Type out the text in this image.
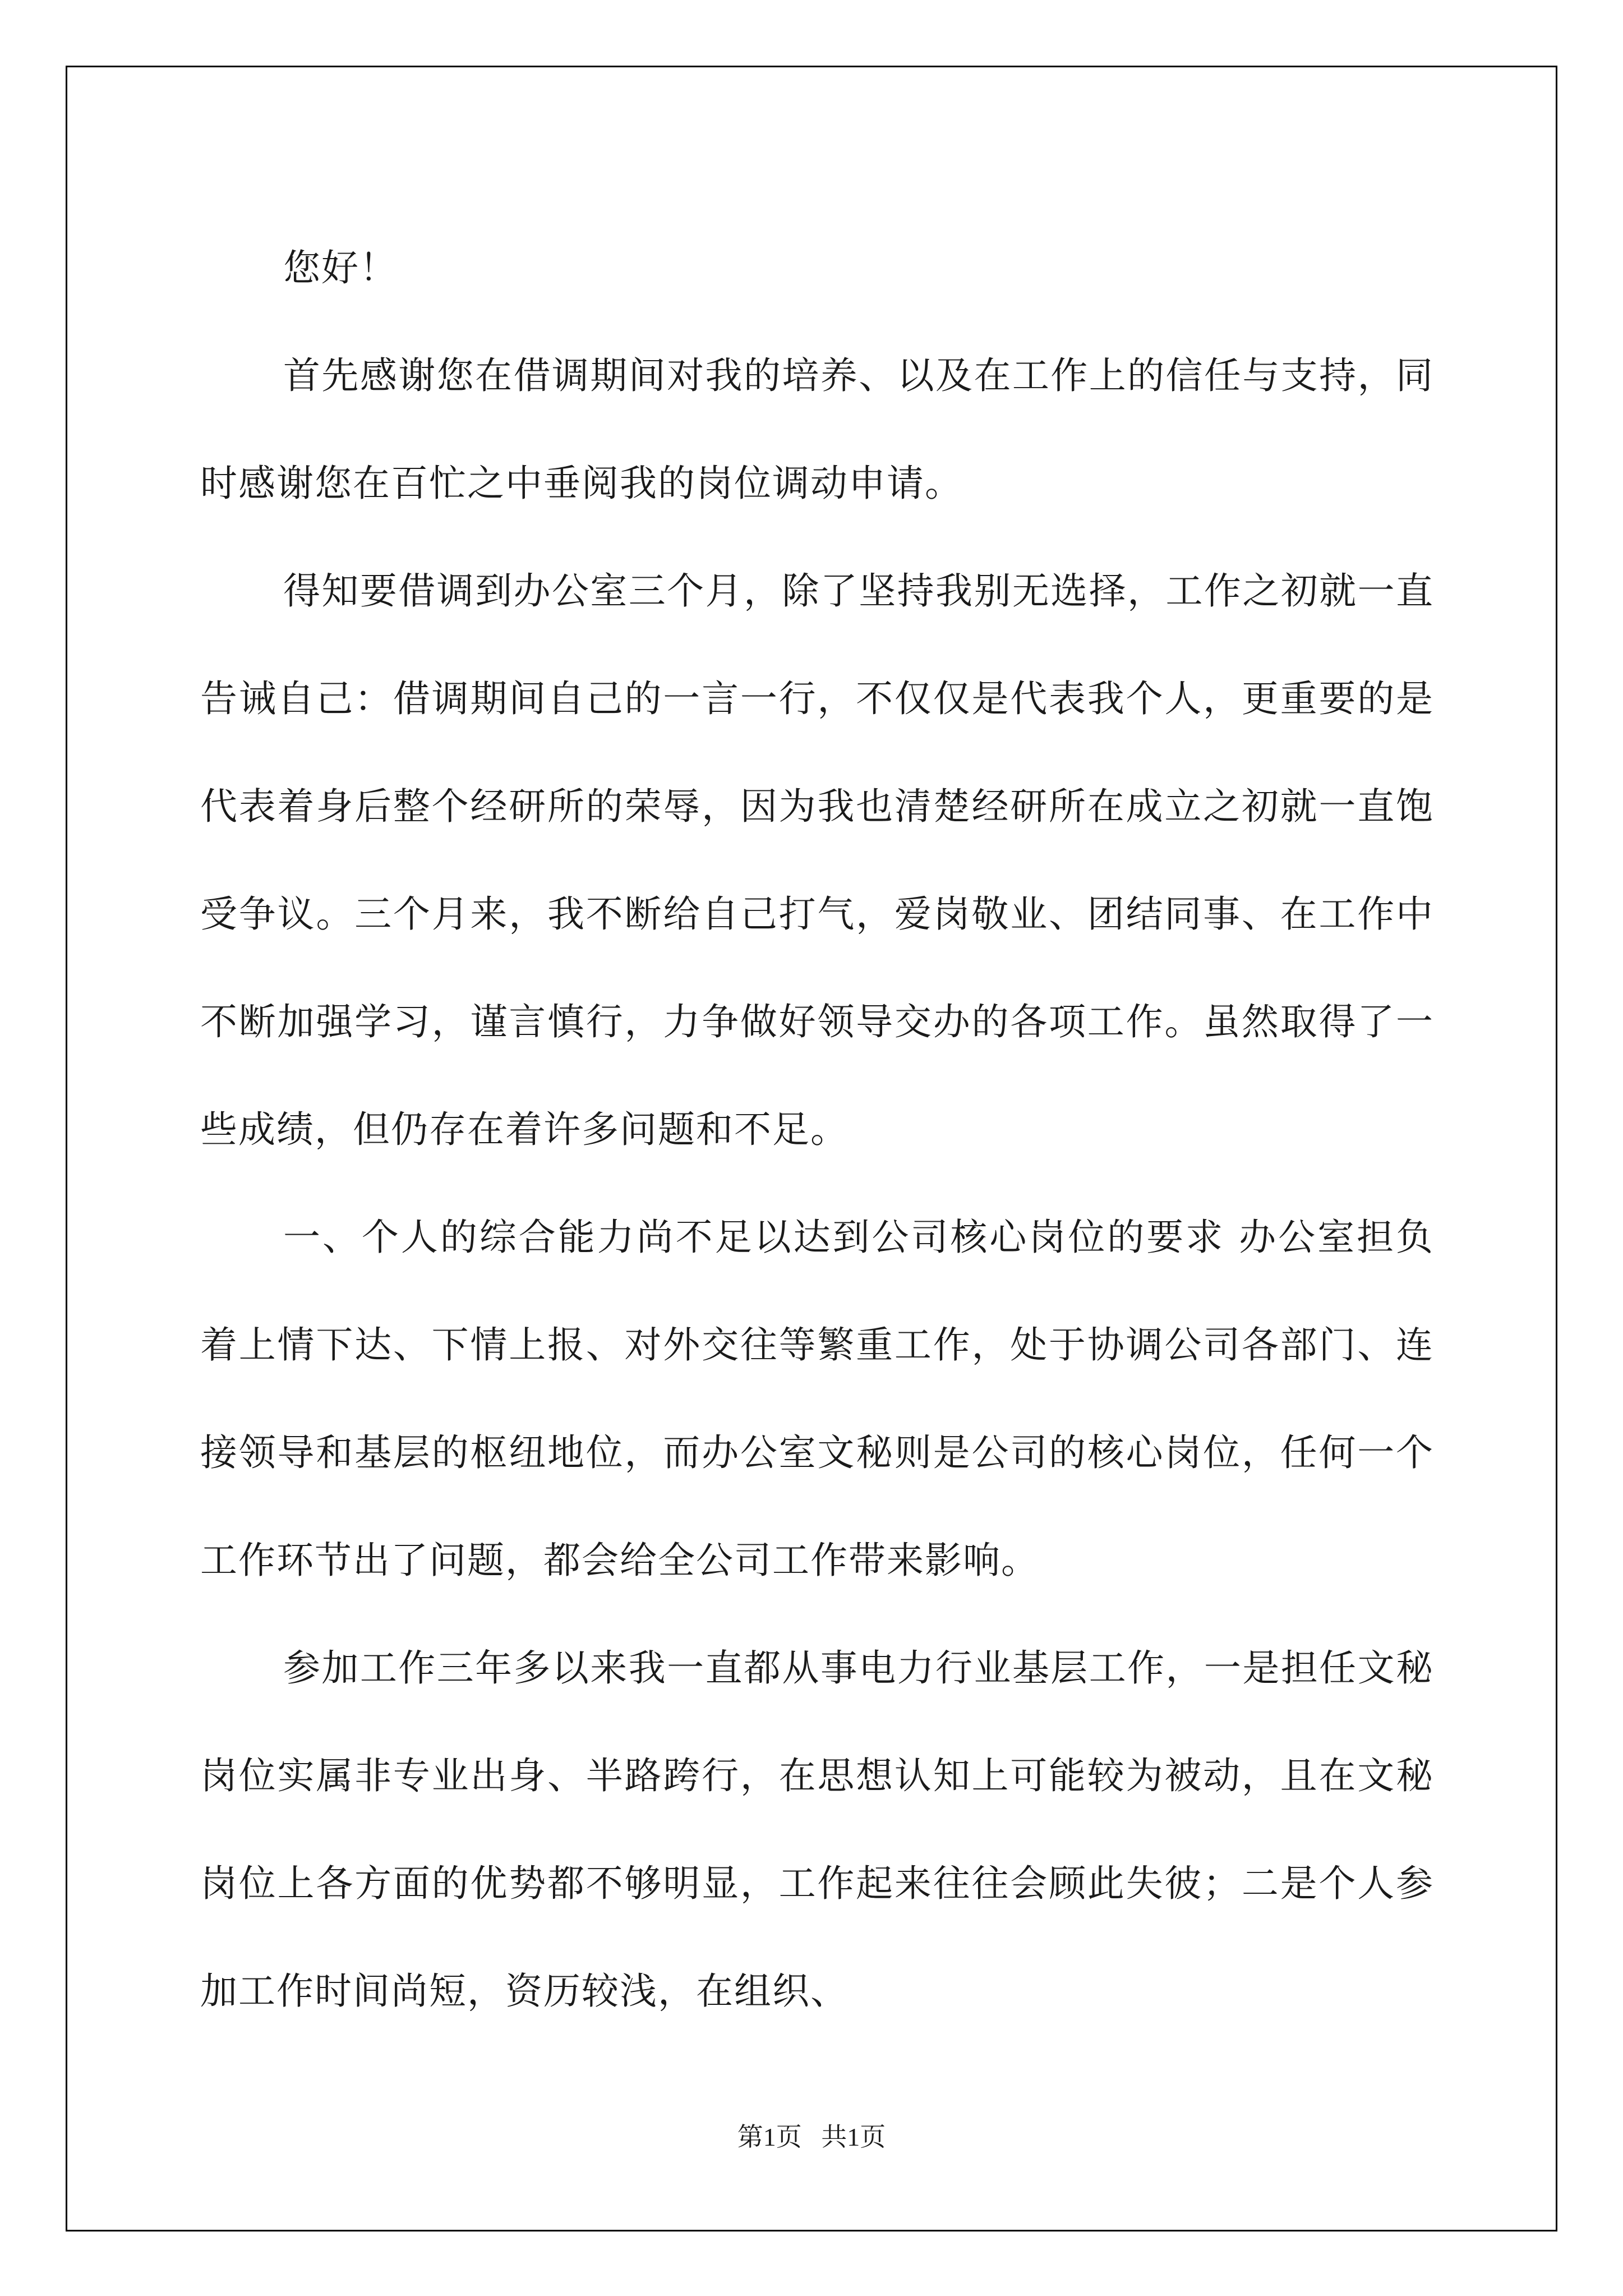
您好！

首先感谢您在借调期间对我的培养、以及在工作上的信任与支持，同时感谢您在百忙之中垂阅我的岗位调动申请。

得知要借调到办公室三个月，除了坚持我别无选择，工作之初就一直告诫自己：借调期间自己的一言一行，不仅仅是代表我个人，更重要的是代表着身后整个经研所的荣辱，因为我也清楚经研所在成立之初就一直饱受争议。三个月来，我不断给自己打气，爱岗敬业、团结同事、在工作中不断加强学习，谨言慎行，力争做好领导交办的各项工作。虽然取得了一些成绩，但仍存在着许多问题和不足。

一、个人的综合能力尚不足以达到公司核心岗位的要求 办公室担负着上情下达、下情上报、对外交往等繁重工作，处于协调公司各部门、连接领导和基层的枢纽地位，而办公室文秘则是公司的核心岗位，任何一个工作环节出了问题，都会给全公司工作带来影响。

参加工作三年多以来我一直都从事电力行业基层工作，一是担任文秘岗位实属非专业出身、半路跨行，在思想认知上可能较为被动，且在文秘岗位上各方面的优势都不够明显，工作起来往往会顾此失彼；二是个人参加工作时间尚短，资历较浅，在组织、

第1页 共1页
